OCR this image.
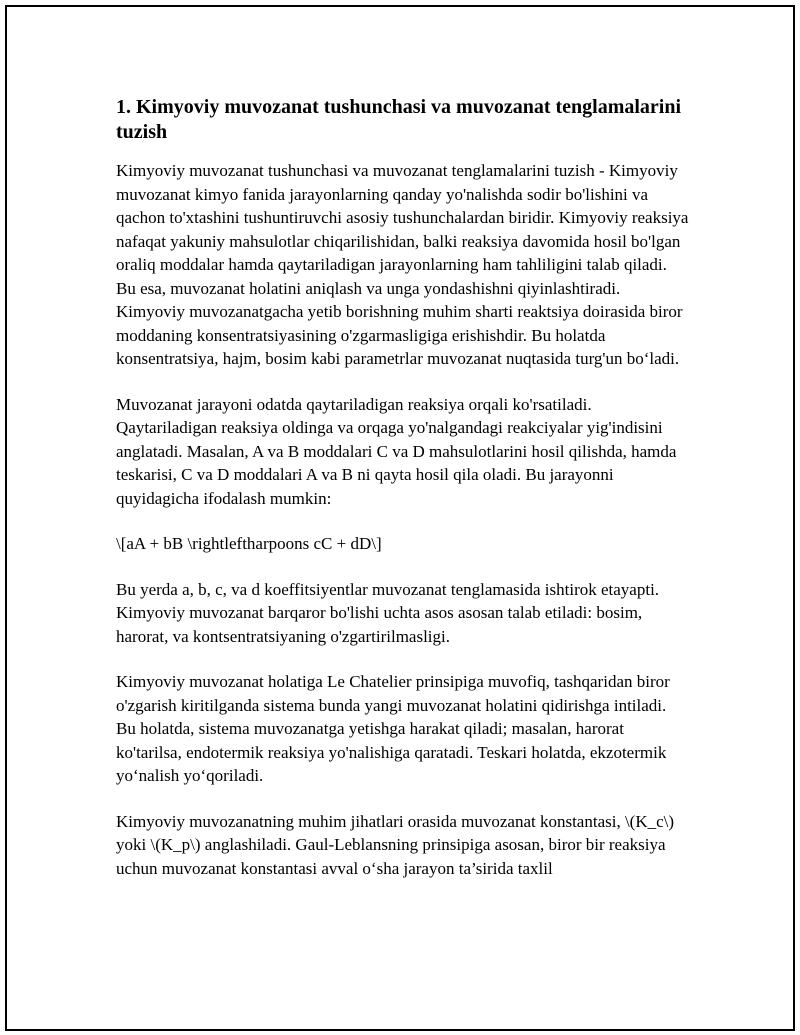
1. Kimyoviy muvozanat tushunchasi va muvozanat tenglamalarini tuzish

Kimyoviy muvozanat tushunchasi va muvozanat tenglamalarini tuzish - Kimyoviy muvozanat kimyo fanida jarayonlarning qanday yo'nalishda sodir bo'lishini va qachon to'xtashini tushuntiruvchi asosiy tushunchalardan biridir. Kimyoviy reaksiya nafaqat yakuniy mahsulotlar chiqarilishidan, balki reaksiya davomida hosil bo'lgan oraliq moddalar hamda qaytariladigan jarayonlarning ham tahliligini talab qiladi. Bu esa, muvozanat holatini aniqlash va unga yondashishni qiyinlashtiradi. Kimyoviy muvozanatgacha yetib borishning muhim sharti reaktsiya doirasida biror moddaning konsentratsiyasining o'zgarmasligiga erishishdir. Bu holatda konsentratsiya, hajm, bosim kabi parametrlar muvozanat nuqtasida turg'un bo‘ladi.

Muvozanat jarayoni odatda qaytariladigan reaksiya orqali ko'rsatiladi. Qaytariladigan reaksiya oldinga va orqaga yo'nalgandagi reakciyalar yig'indisini anglatadi. Masalan, A va B moddalari C va D mahsulotlarini hosil qilishda, hamda teskarisi, C va D moddalari A va B ni qayta hosil qila oladi. Bu jarayonni quyidagicha ifodalash mumkin:

\[aA + bB \rightleftharpoons cC + dD\]

Bu yerda a, b, c, va d koeffitsiyentlar muvozanat tenglamasida ishtirok etayapti. Kimyoviy muvozanat barqaror bo'lishi uchta asos asosan talab etiladi: bosim, harorat, va kontsentratsiyaning o'zgartirilmasligi.

Kimyoviy muvozanat holatiga Le Chatelier prinsipiga muvofiq, tashqaridan biror o'zgarish kiritilganda sistema bunda yangi muvozanat holatini qidirishga intiladi. Bu holatda, sistema muvozanatga yetishga harakat qiladi; masalan, harorat ko'tarilsa, endotermik reaksiya yo'nalishiga qaratadi. Teskari holatda, ekzotermik yo‘nalish yo‘qoriladi.

Kimyoviy muvozanatning muhim jihatlari orasida muvozanat konstantasi, \(K_c\) yoki \(K_p\) anglashiladi. Gaul-Leblansning prinsipiga asosan, biror bir reaksiya uchun muvozanat konstantasi avval o‘sha jarayon ta’sirida taxlil
